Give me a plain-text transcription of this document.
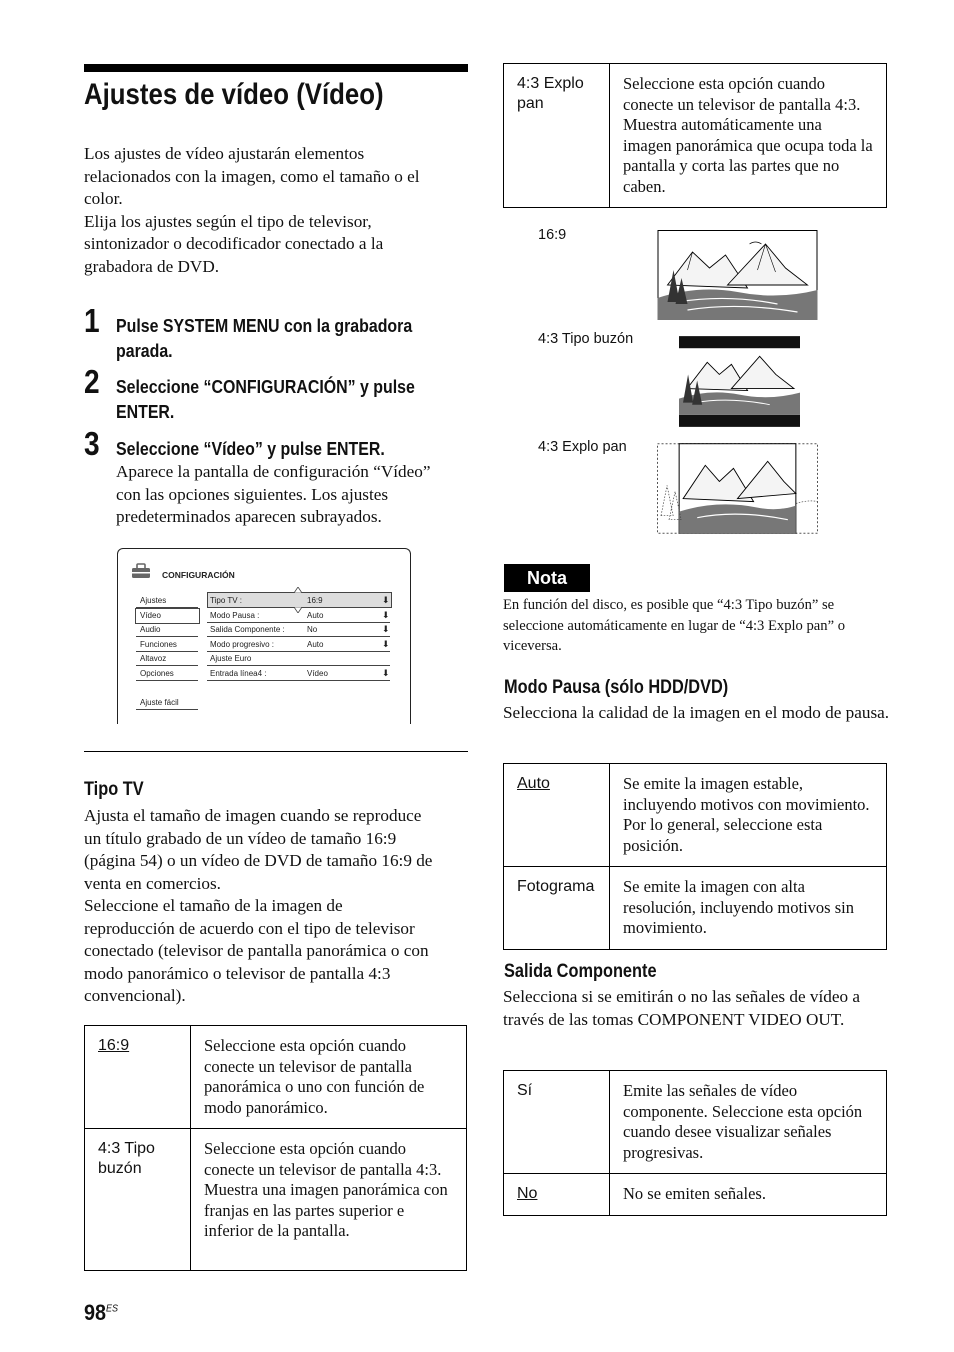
Ajustes de vídeo (Vídeo)
Los ajustes de vídeo ajustarán elementos
relacionados con la imagen, como el tamaño o el
color.
Elija los ajustes según el tipo de televisor,
sintonizador o decodificador conectado a la
grabadora de DVD.
1 Pulse SYSTEM MENU con la grabadora
parada.
2 Seleccione “CONFIGURACIÓN” y pulse
ENTER.
3 Seleccione “Vídeo” y pulse ENTER.
Aparece la pantalla de configuración “Vídeo”
con las opciones siguientes. Los ajustes
predeterminados aparecen subrayados.
CONFIGURACIÓN
Ajustes
Vídeo
Audio
Funciones
Altavoz
Opciones
Ajuste fácil
Tipo TV :	16:9	⬇
Modo Pausa :	Auto	⬇
Salida Componente :	No	⬇
Modo progresivo :	Auto	⬇
Ajuste Euro
Entrada línea4 :	Vídeo	⬇
Tipo TV
Ajusta el tamaño de imagen cuando se reproduce
un título grabado de un vídeo de tamaño 16:9
(página 54) o un vídeo de DVD de tamaño 16:9 de
venta en comercios.
Seleccione el tamaño de la imagen de
reproducción de acuerdo con el tipo de televisor
conectado (televisor de pantalla panorámica o con
modo panorámico o televisor de pantalla 4:3
convencional).
16:9	Seleccione esta opción cuando conecte un televisor de pantalla panorámica o uno con función de modo panorámico.
4:3 Tipo buzón	Seleccione esta opción cuando conecte un televisor de pantalla 4:3. Muestra una imagen panorámica con franjas en las partes superior e inferior de la pantalla.
$98^{ES}$
4:3 Explo pan	Seleccione esta opción cuando conecte un televisor de pantalla 4:3. Muestra automáticamente una imagen panorámica que ocupa toda la pantalla y corta las partes que no caben.
16:9
4:3 Tipo buzón
4:3 Explo pan
Nota
En función del disco, es posible que “4:3 Tipo buzón” se seleccione automáticamente en lugar de “4:3 Explo pan” o viceversa.
Modo Pausa (sólo HDD/DVD)
Selecciona la calidad de la imagen en el modo de pausa.
Auto	Se emite la imagen estable, incluyendo motivos con movimiento. Por lo general, seleccione esta posición.
Fotograma	Se emite la imagen con alta resolución, incluyendo motivos sin movimiento.
Salida Componente
Selecciona si se emitirán o no las señales de vídeo a través de las tomas COMPONENT VIDEO OUT.
Sí	Emite las señales de vídeo componente. Seleccione esta opción cuando desee visualizar señales progresivas.
No	No se emiten señales.
